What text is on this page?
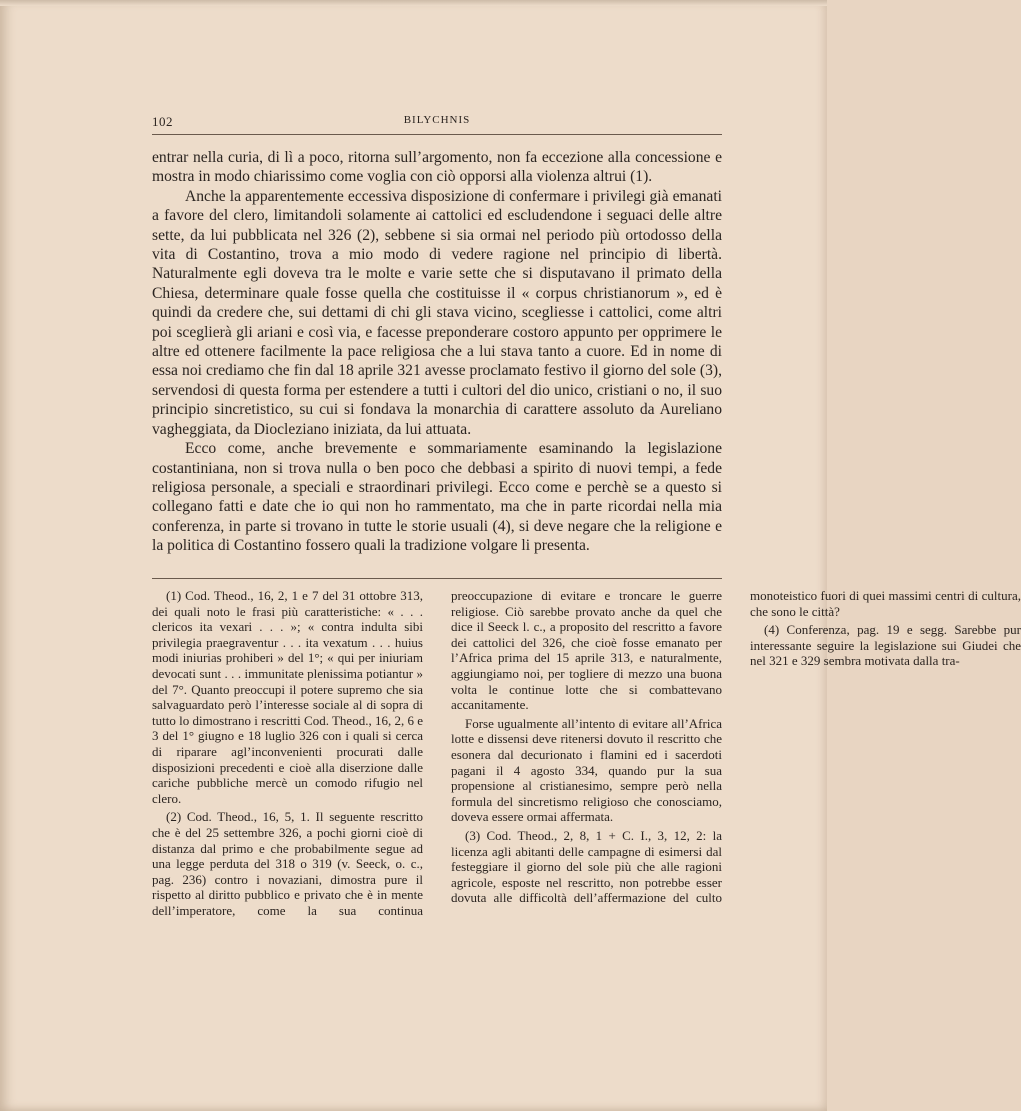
102	BILYCHNIS

entrar nella curia, di lì a poco, ritorna sull’argomento, non fa eccezione alla concessione e mostra in modo chiarissimo come voglia con ciò opporsi alla violenza altrui (1).

Anche la apparentemente eccessiva disposizione di confermare i privilegi già emanati a favore del clero, limitandoli solamente ai cattolici ed escludendone i seguaci delle altre sette, da lui pubblicata nel 326 (2), sebbene si sia ormai nel periodo più ortodosso della vita di Costantino, trova a mio modo di vedere ragione nel principio di libertà. Naturalmente egli doveva tra le molte e varie sette che si disputavano il primato della Chiesa, determinare quale fosse quella che costituisse il « corpus christianorum », ed è quindi da credere che, sui dettami di chi gli stava vicino, scegliesse i cattolici, come altri poi sceglierà gli ariani e così via, e facesse preponderare costoro appunto per opprimere le altre ed ottenere facilmente la pace religiosa che a lui stava tanto a cuore. Ed in nome di essa noi crediamo che fin dal 18 aprile 321 avesse proclamato festivo il giorno del sole (3), servendosi di questa forma per estendere a tutti i cultori del dio unico, cristiani o no, il suo principio sincretistico, su cui si fondava la monarchia di carattere assoluto da Aureliano vagheggiata, da Diocleziano iniziata, da lui attuata.

Ecco come, anche brevemente e sommariamente esaminando la legislazione costantiniana, non si trova nulla o ben poco che debbasi a spirito di nuovi tempi, a fede religiosa personale, a speciali e straordinari privilegi. Ecco come e perchè se a questo si collegano fatti e date che io qui non ho rammentato, ma che in parte ricordai nella mia conferenza, in parte si trovano in tutte le storie usuali (4), si deve negare che la religione e la politica di Costantino fossero quali la tradizione volgare li presenta.

(1) Cod. Theod., 16, 2, 1 e 7 del 31 ottobre 313, dei quali noto le frasi più caratteristiche: « . . . clericos ita vexari . . . »; « contra indulta sibi privilegia praegraventur . . . ita vexatum . . . huius modi iniurias prohiberi » del 1°; « qui per iniuriam devocati sunt . . . immunitate plenissima potiantur » del 7°. Quanto preoccupi il potere supremo che sia salvaguardato però l’interesse sociale al di sopra di tutto lo dimostrano i rescritti Cod. Theod., 16, 2, 6 e 3 del 1° giugno e 18 luglio 326 con i quali si cerca di riparare agl’inconvenienti procurati dalle disposizioni precedenti e cioè alla diserzione dalle cariche pubbliche mercè un comodo rifugio nel clero.

(2) Cod. Theod., 16, 5, 1. Il seguente rescritto che è del 25 settembre 326, a pochi giorni cioè di distanza dal primo e che probabilmente segue ad una legge perduta del 318 o 319 (v. Seeck, o. c., pag. 236) contro i novaziani, dimostra pure il rispetto al diritto pubblico e privato che è in mente dell’imperatore, come la sua continua preoccupazione di evitare e troncare le guerre religiose. Ciò sarebbe provato anche da quel che dice il Seeck l. c., a proposito del rescritto a favore dei cattolici del 326, che cioè fosse emanato per l’Africa prima del 15 aprile 313, e naturalmente, aggiungiamo noi, per togliere di mezzo una buona volta le continue lotte che si combattevano accanitamente.

Forse ugualmente all’intento di evitare all’Africa lotte e dissensi deve ritenersi dovuto il rescritto che esonera dal decurionato i flamini ed i sacerdoti pagani il 4 agosto 334, quando pur la sua propensione al cristianesimo, sempre però nella formula del sincretismo religioso che conosciamo, doveva essere ormai affermata.

(3) Cod. Theod., 2, 8, 1 + C. I., 3, 12, 2: la licenza agli abitanti delle campagne di esimersi dal festeggiare il giorno del sole più che alle ragioni agricole, esposte nel rescritto, non potrebbe esser dovuta alle difficoltà dell’affermazione del culto monoteistico fuori di quei massimi centri di cultura, che sono le città?

(4) Conferenza, pag. 19 e segg. Sarebbe pur interessante seguire la legislazione sui Giudei che nel 321 e 329 sembra motivata dalla tra-
